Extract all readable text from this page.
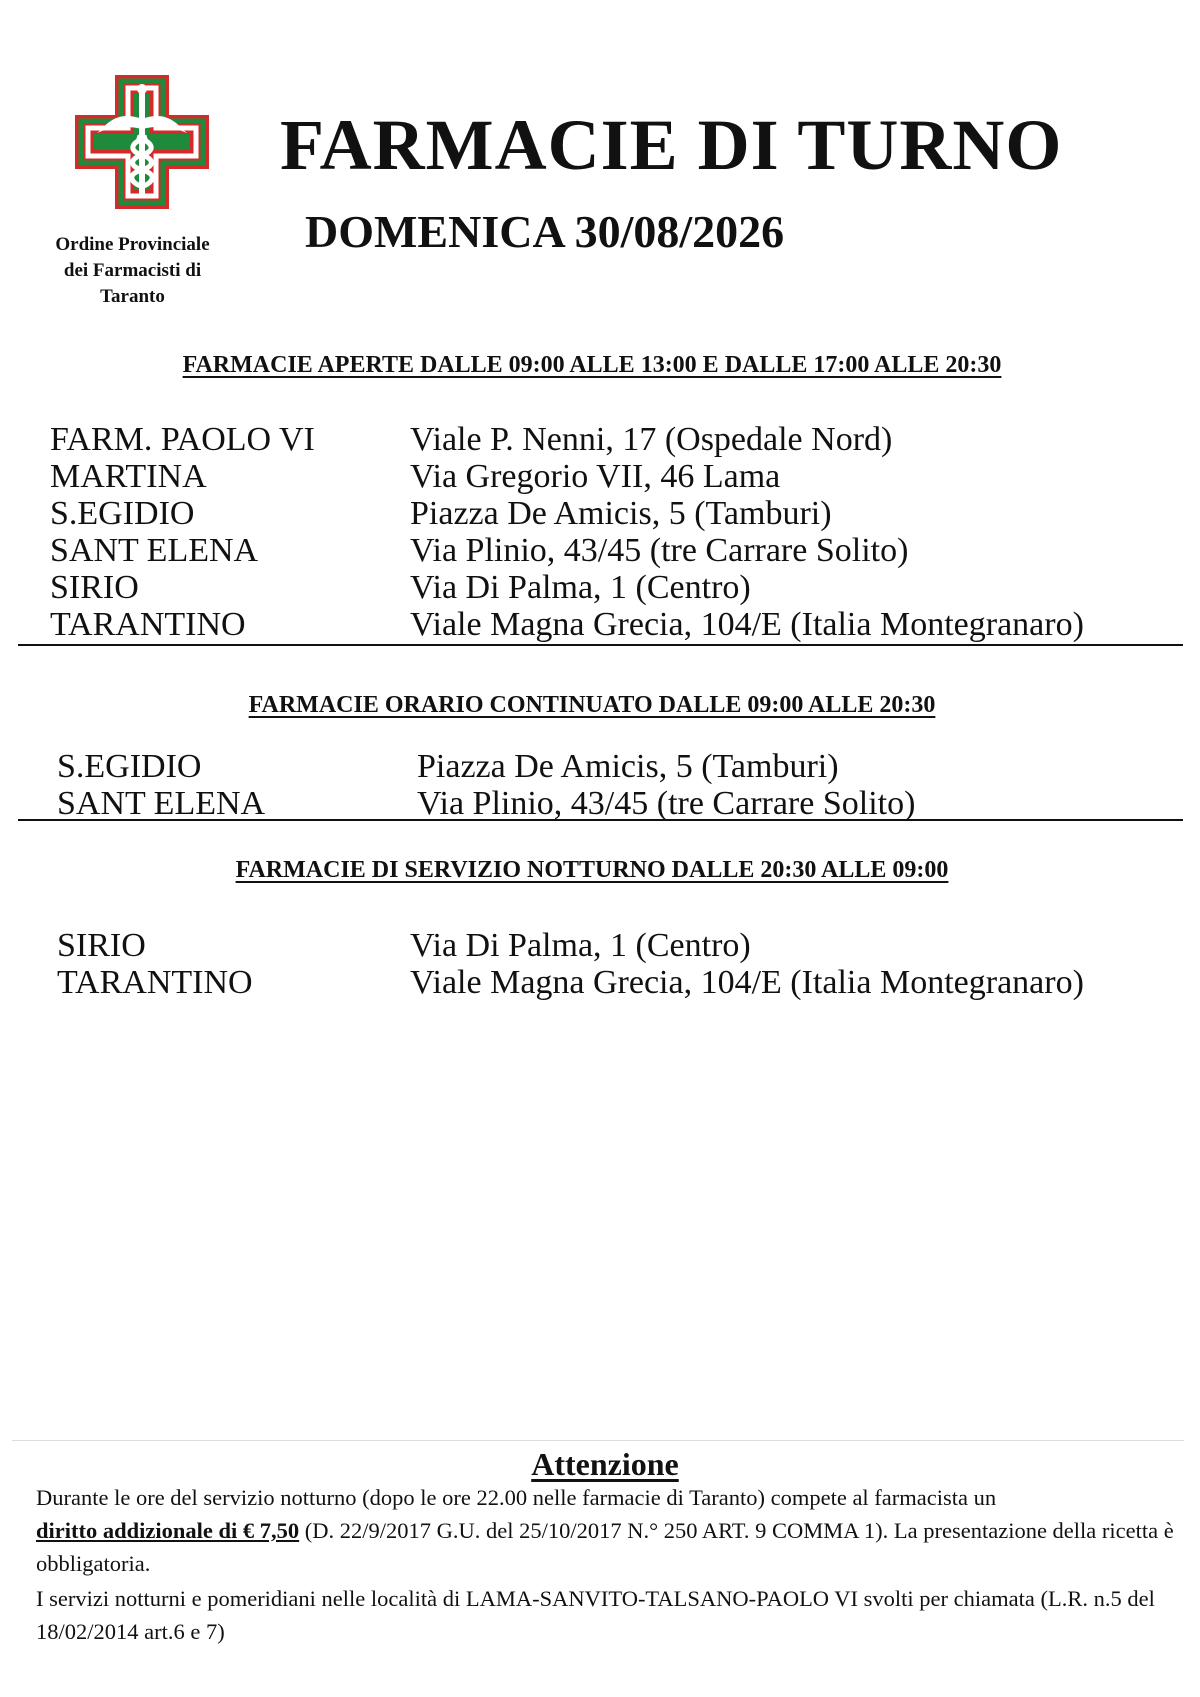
Ordine Provinciale
dei Farmacisti di
Taranto
FARMACIE DI TURNO
DOMENICA 30/08/2026
FARMACIE APERTE DALLE 09:00 ALLE 13:00 E DALLE 17:00 ALLE 20:30
FARM. PAOLO VI	Viale P. Nenni, 17 (Ospedale Nord)
MARTINA	Via Gregorio VII, 46 Lama
S.EGIDIO	Piazza De Amicis, 5 (Tamburi)
SANT ELENA	Via Plinio, 43/45 (tre Carrare Solito)
SIRIO	Via Di Palma, 1 (Centro)
TARANTINO	Viale Magna Grecia, 104/E (Italia Montegranaro)
FARMACIE ORARIO CONTINUATO DALLE 09:00 ALLE 20:30
S.EGIDIO	Piazza De Amicis, 5 (Tamburi)
SANT ELENA	Via Plinio, 43/45 (tre Carrare Solito)
FARMACIE DI SERVIZIO NOTTURNO DALLE 20:30 ALLE 09:00
SIRIO	Via Di Palma, 1 (Centro)
TARANTINO	Viale Magna Grecia, 104/E (Italia Montegranaro)
Attenzione
Durante le ore del servizio notturno (dopo le ore 22.00 nelle farmacie di Taranto) compete al farmacista un
diritto addizionale di € 7,50 (D. 22/9/2017 G.U. del 25/10/2017 N.° 250 ART. 9 COMMA 1). La presentazione della ricetta è obbligatoria.
I servizi notturni e pomeridiani nelle località di LAMA-SANVITO-TALSANO-PAOLO VI svolti per chiamata (L.R. n.5 del 18/02/2014 art.6 e 7)
